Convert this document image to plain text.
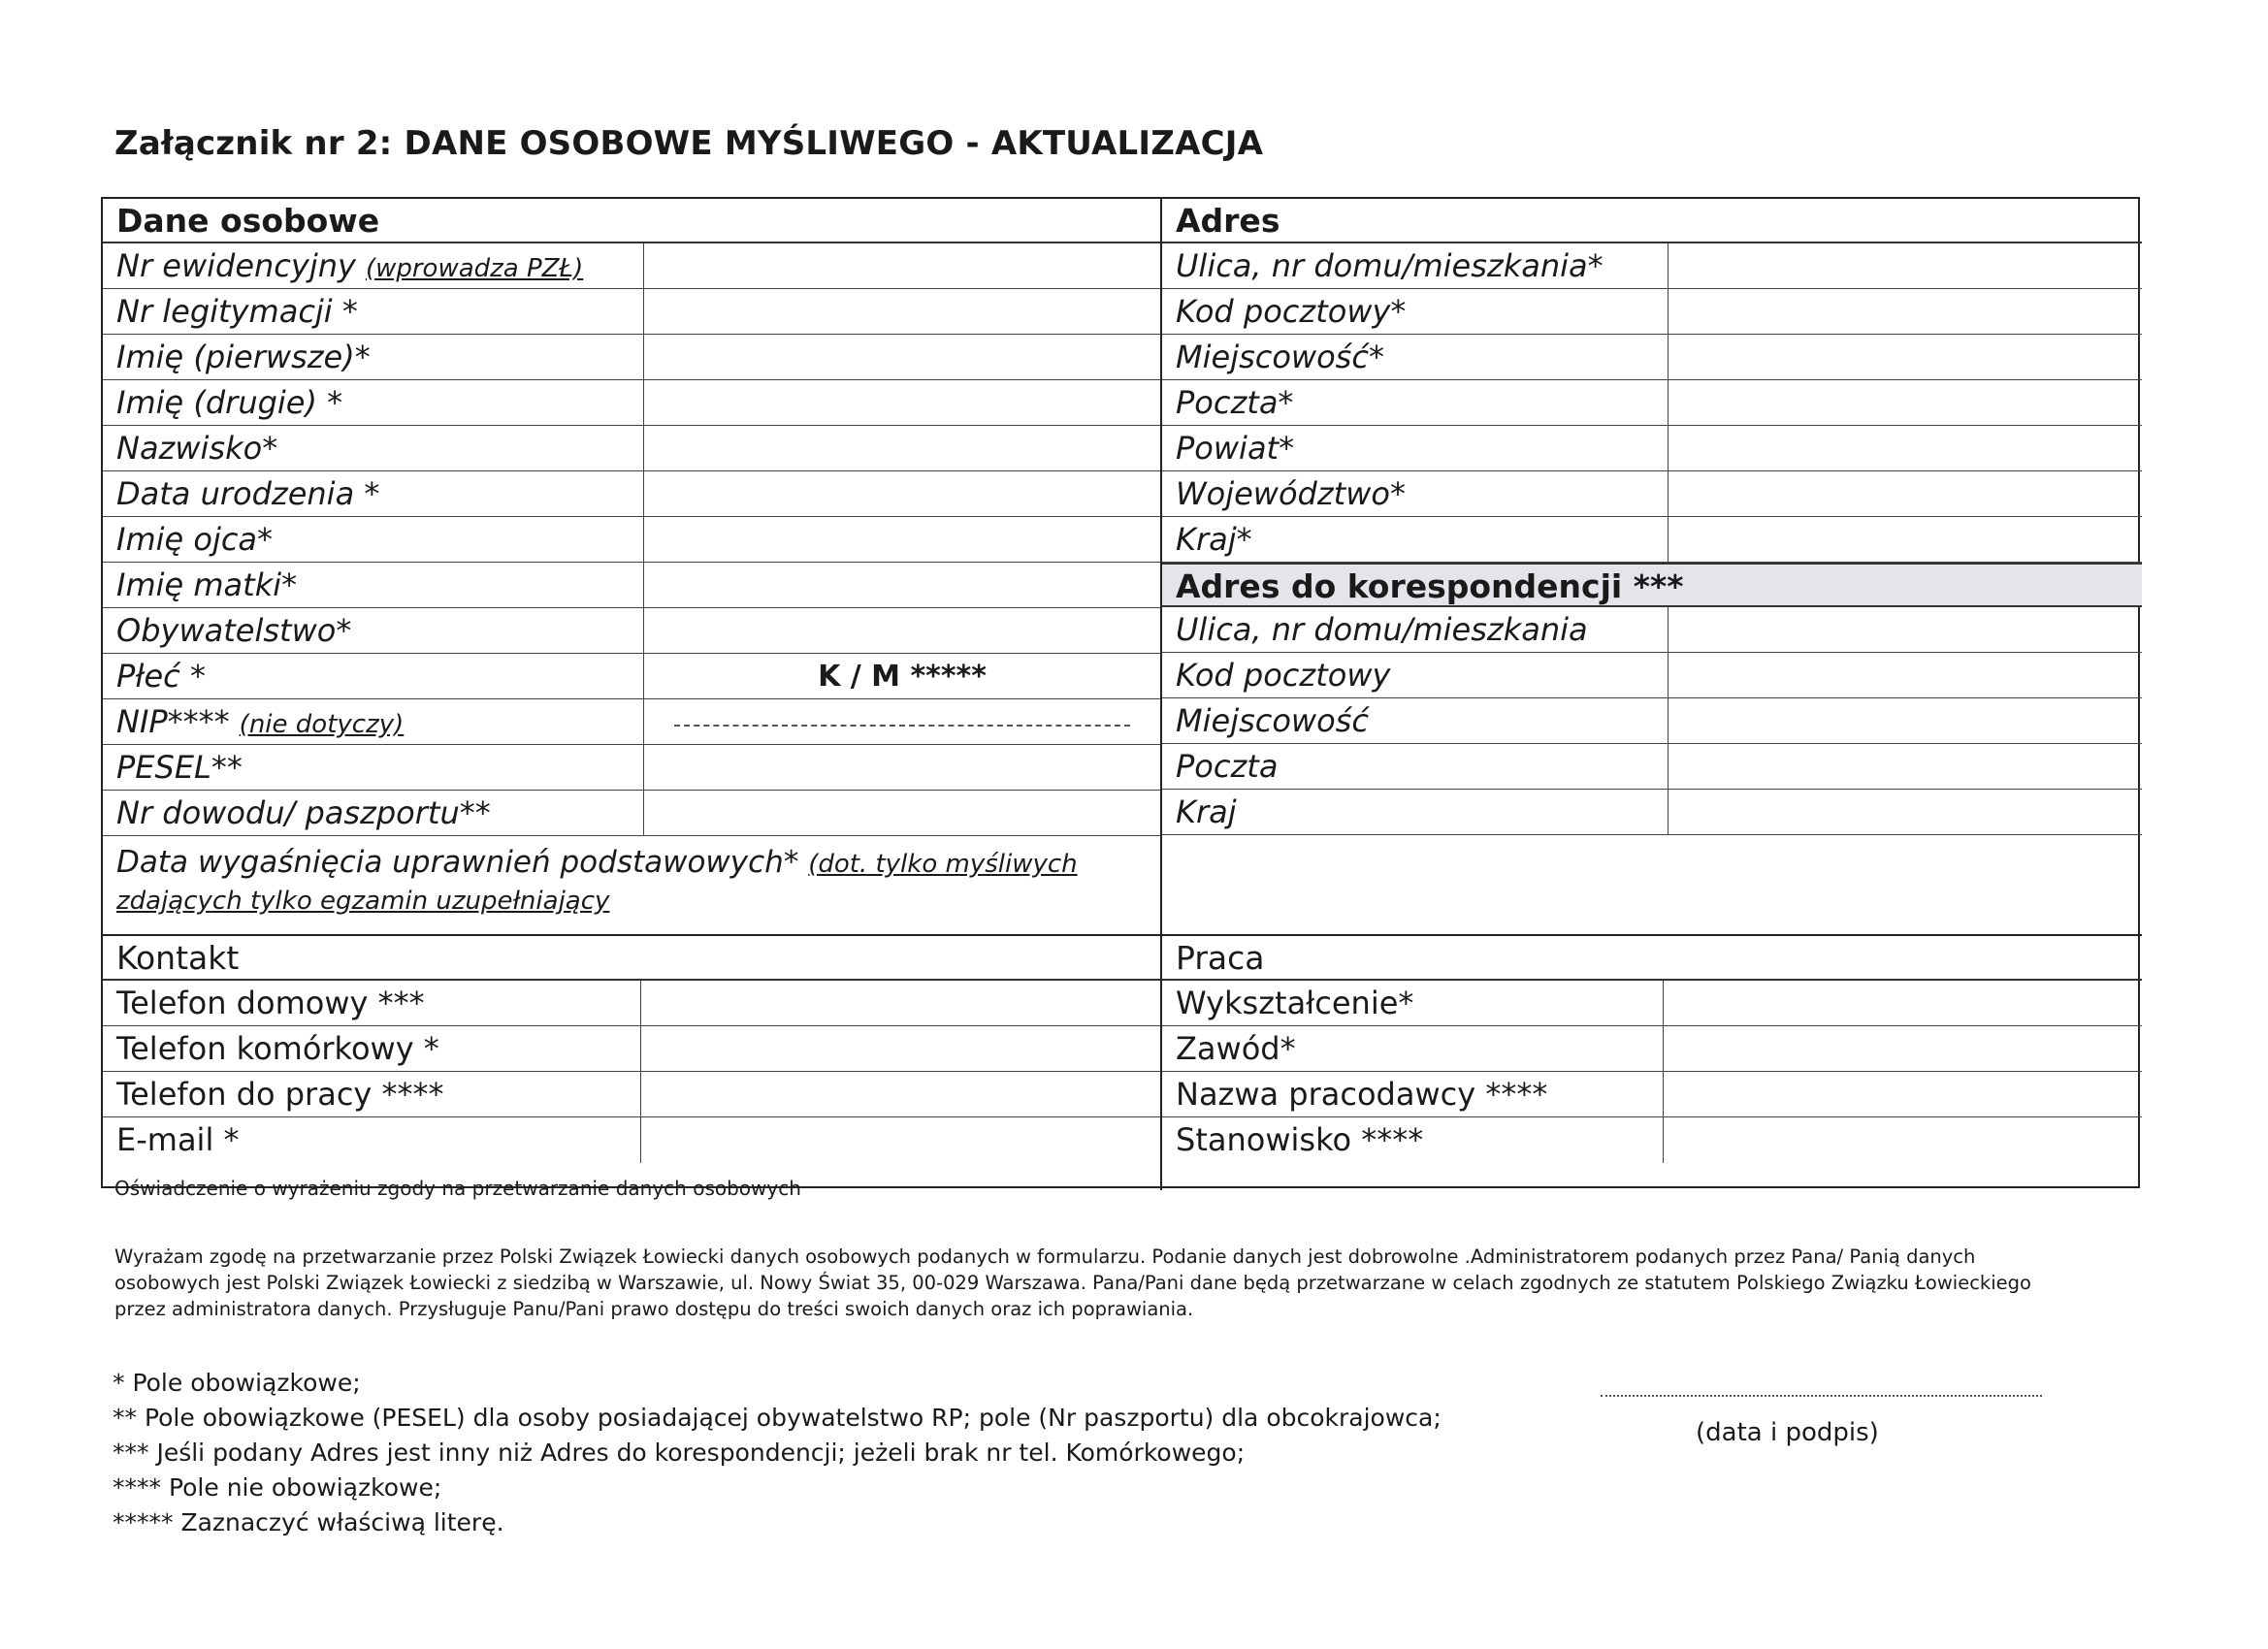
Załącznik nr 2: DANE OSOBOWE MYŚLIWEGO - AKTUALIZACJA
Dane osobowe
Nr ewidencyjny (wprowadza PZŁ)
Nr legitymacji *
Imię (pierwsze)*
Imię (drugie) *
Nazwisko*
Data urodzenia *
Imię ojca*
Imię matki*
Obywatelstwo*
Płeć *	K / M *****
NIP**** (nie dotyczy)
PESEL**
Nr dowodu/ paszportu**
Data wygaśnięcia uprawnień podstawowych* (dot. tylko myśliwych
zdających tylko egzamin uzupełniający
Adres
Ulica, nr domu/mieszkania*
Kod pocztowy*
Miejscowość*
Poczta*
Powiat*
Województwo*
Kraj*
Adres do korespondencji ***
Ulica, nr domu/mieszkania
Kod pocztowy
Miejscowość
Poczta
Kraj
Kontakt
Telefon domowy ***
Telefon komórkowy *
Telefon do pracy ****
E-mail *
Praca
Wykształcenie*
Zawód*
Nazwa pracodawcy ****
Stanowisko ****
Oświadczenie o wyrażeniu zgody na przetwarzanie danych osobowych
Wyrażam zgodę na przetwarzanie przez Polski Związek Łowiecki danych osobowych podanych w formularzu. Podanie danych jest dobrowolne .Administratorem podanych przez Pana/ Panią danych osobowych jest Polski Związek Łowiecki z siedzibą w Warszawie, ul. Nowy Świat 35, 00-029 Warszawa. Pana/Pani dane będą przetwarzane w celach zgodnych ze statutem Polskiego Związku Łowieckiego przez administratora danych. Przysługuje Panu/Pani prawo dostępu do treści swoich danych oraz ich poprawiania.
* Pole obowiązkowe;
** Pole obowiązkowe (PESEL) dla osoby posiadającej obywatelstwo RP; pole (Nr paszportu) dla obcokrajowca;
*** Jeśli podany Adres jest inny niż Adres do korespondencji; jeżeli brak nr tel. Komórkowego;
**** Pole nie obowiązkowe;
***** Zaznaczyć właściwą literę.
(data i podpis)
